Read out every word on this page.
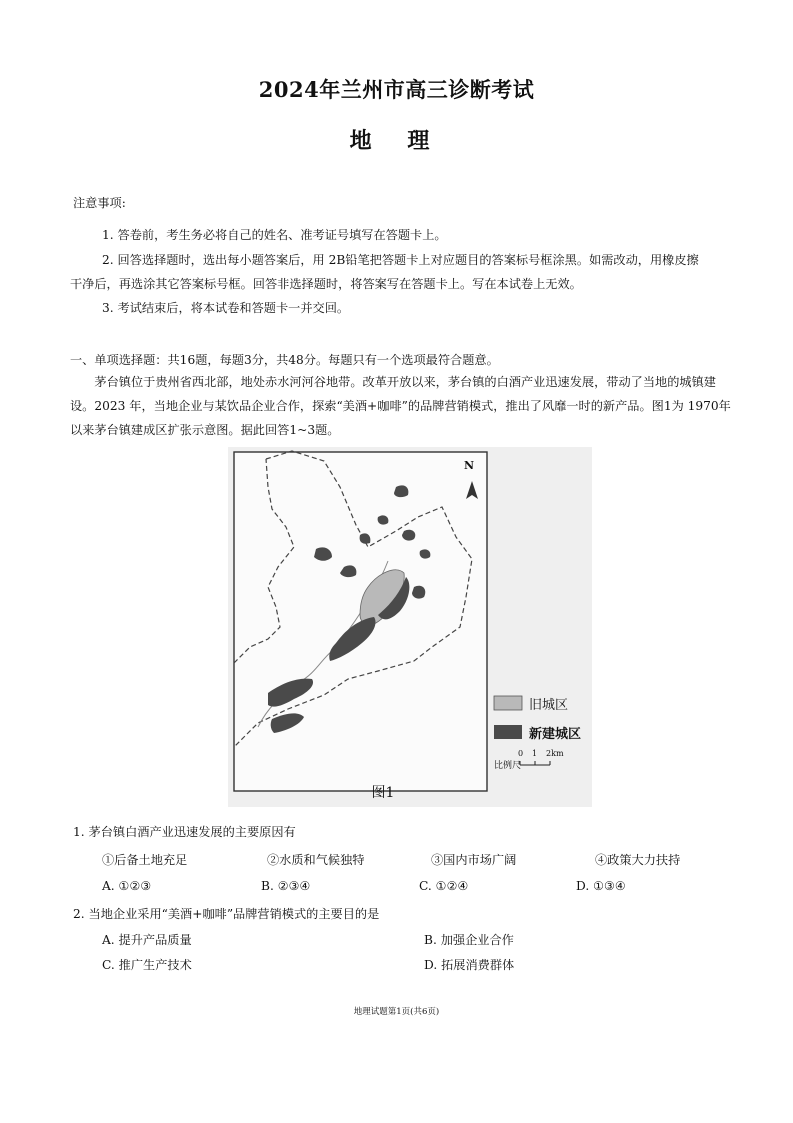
2024年兰州市高三诊断考试
地 理
注意事项:
1. 答卷前，考生务必将自己的姓名、准考证号填写在答题卡上。
2. 回答选择题时，选出每小题答案后，用 2B铅笔把答题卡上对应题目的答案标号框涂黑。如需改动，用橡皮擦
干净后，再选涂其它答案标号框。回答非选择题时，将答案写在答题卡上。写在本试卷上无效。
3. 考试结束后，将本试卷和答题卡一并交回。
一、单项选择题：共16题，每题3分，共48分。每题只有一个选项最符合题意。
茅台镇位于贵州省西北部，地处赤水河河谷地带。改革开放以来，茅台镇的白酒产业迅速发展，带动了当地的城镇建设。2023 年，当地企业与某饮品企业合作，探索“美酒+咖啡”的品牌营销模式，推出了风靡一时的新产品。图1为 1970年以来茅台镇建成区扩张示意图。据此回答1~3题。
N
旧城区
新建城区
比例尺
0 1 2km
图1
1. 茅台镇白酒产业迅速发展的主要原因有
①后备土地充足	②水质和气候独特	③国内市场广阔	④政策大力扶持
A. ①②③	B. ②③④	C. ①②④	D. ①③④
2. 当地企业采用“美酒+咖啡”品牌营销模式的主要目的是
A. 提升产品质量	B. 加强企业合作
C. 推广生产技术	D. 拓展消费群体
地理试题第1页(共6页)
